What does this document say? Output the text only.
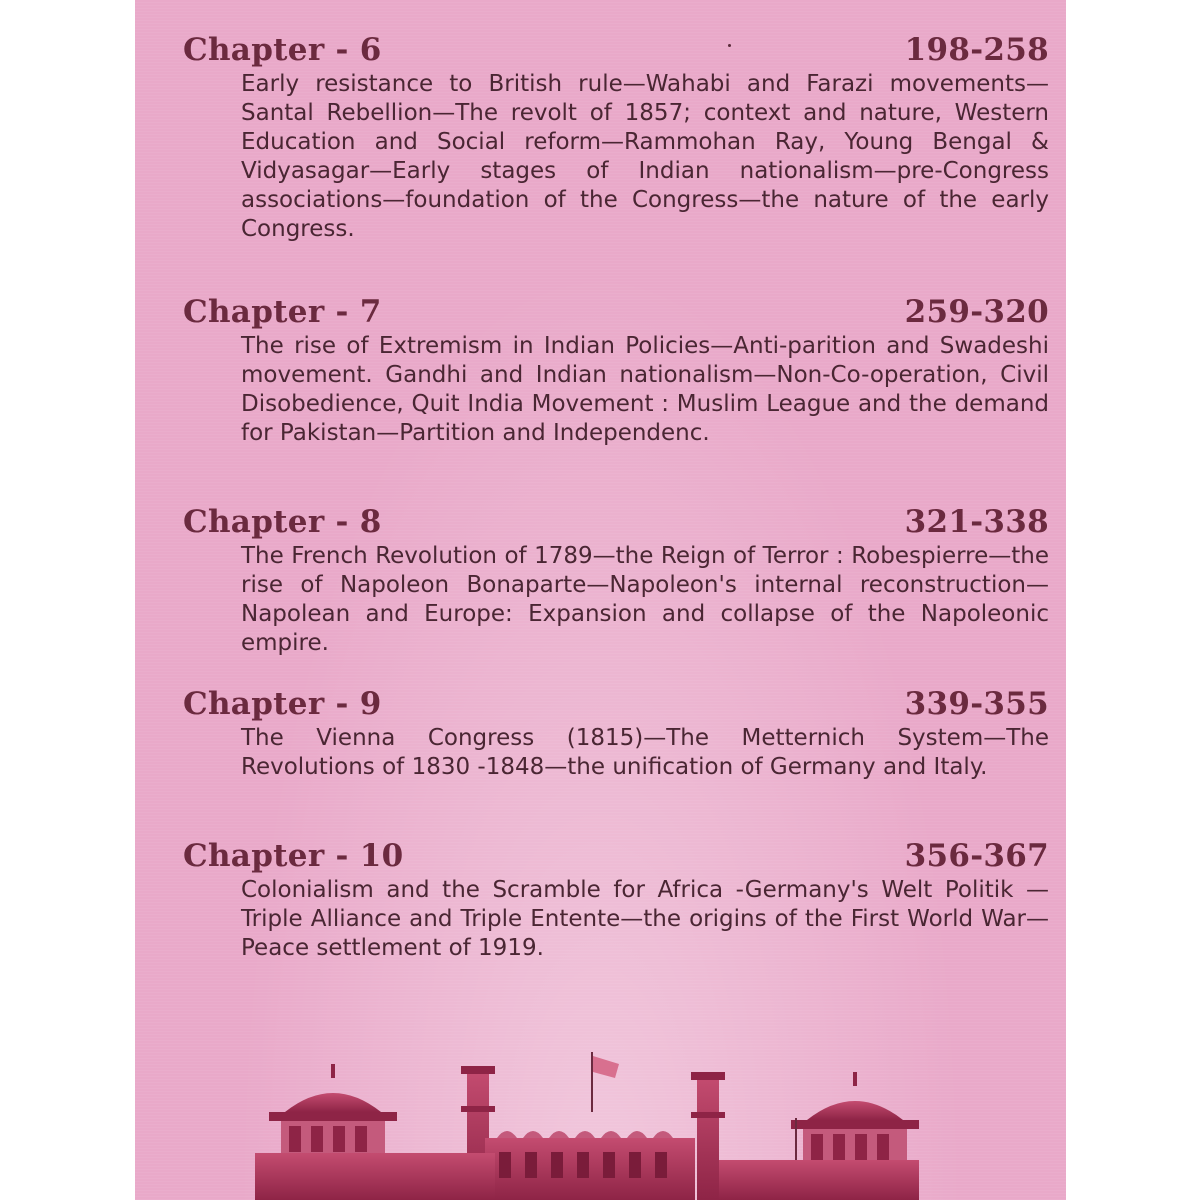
Chapter - 6	198-258
Early resistance to British rule—Wahabi and Farazi movements—Santal Rebellion—The revolt of 1857; context and nature, Western Education and Social reform—Rammohan Ray, Young Bengal & Vidyasagar—Early stages of Indian nationalism—pre-Congress associations—foundation of the Congress—the nature of the early Congress.
Chapter - 7	259-320
The rise of Extremism in Indian Policies—Anti-parition and Swadeshi movement. Gandhi and Indian nationalism—Non-Co-operation, Civil Disobedience, Quit India Movement : Muslim League and the demand for Pakistan—Partition and Independenc.
Chapter - 8	321-338
The French Revolution of 1789—the Reign of Terror : Robespierre—the rise of Napoleon Bonaparte—Napoleon's internal reconstruction—Napolean and Europe: Expansion and collapse of the Napoleonic empire.
Chapter - 9	339-355
The Vienna Congress (1815)—The Metternich System—The Revolutions of 1830 -1848—the unification of Germany and Italy.
Chapter - 10	356-367
Colonialism and the Scramble for Africa -Germany's Welt Politik —Triple Alliance and Triple Entente—the origins of the First World War—Peace settlement of 1919.
